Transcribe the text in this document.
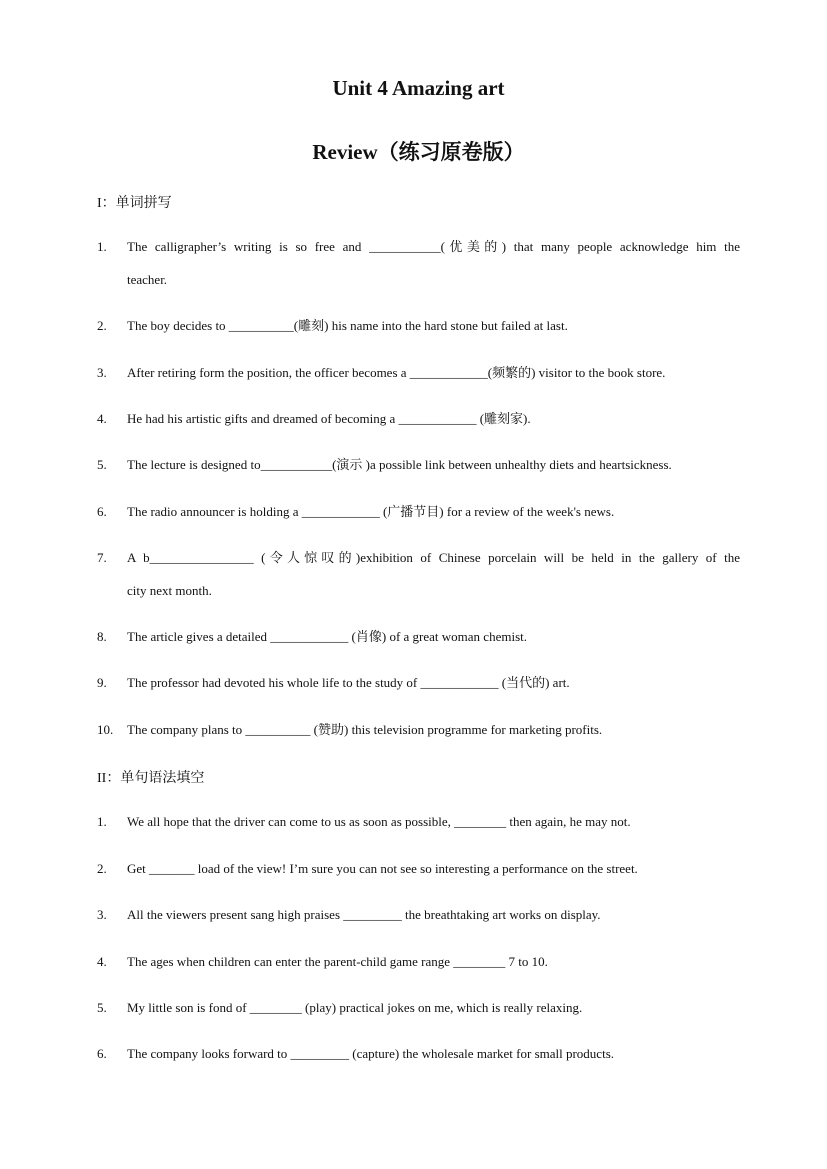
Unit 4 Amazing art
Review（练习原卷版）

I：单词拼写

1.	The calligrapher’s writing is so free and ___________(优美的) that many people acknowledge him the
teacher.
2.	The boy decides to __________(雕刻) his name into the hard stone but failed at last.
3.	After retiring form the position, the officer becomes a ____________(频繁的) visitor to the book store.
4.	He had his artistic gifts and dreamed of becoming a ____________ (雕刻家).
5.	The lecture is designed to___________(演示 )a possible link between unhealthy diets and heartsickness.
6.	The radio announcer is holding a ____________ (广播节目) for a review of the week's news.
7.	A b________________ (令人惊叹的)exhibition of Chinese porcelain will be held in the gallery of the
city next month.
8.	The article gives a detailed ____________ (肖像) of a great woman chemist.
9.	The professor had devoted his whole life to the study of ____________ (当代的) art.
10.	The company plans to __________ (赞助) this television programme for marketing profits.

II：单句语法填空

1.	We all hope that the driver can come to us as soon as possible, ________ then again, he may not.
2.	Get _______ load of the view! I’m sure you can not see so interesting a performance on the street.
3.	All the viewers present sang high praises _________ the breathtaking art works on display.
4.	The ages when children can enter the parent-child game range ________ 7 to 10.
5.	My little son is fond of ________ (play) practical jokes on me, which is really relaxing.
6.	The company looks forward to _________ (capture) the wholesale market for small products.
